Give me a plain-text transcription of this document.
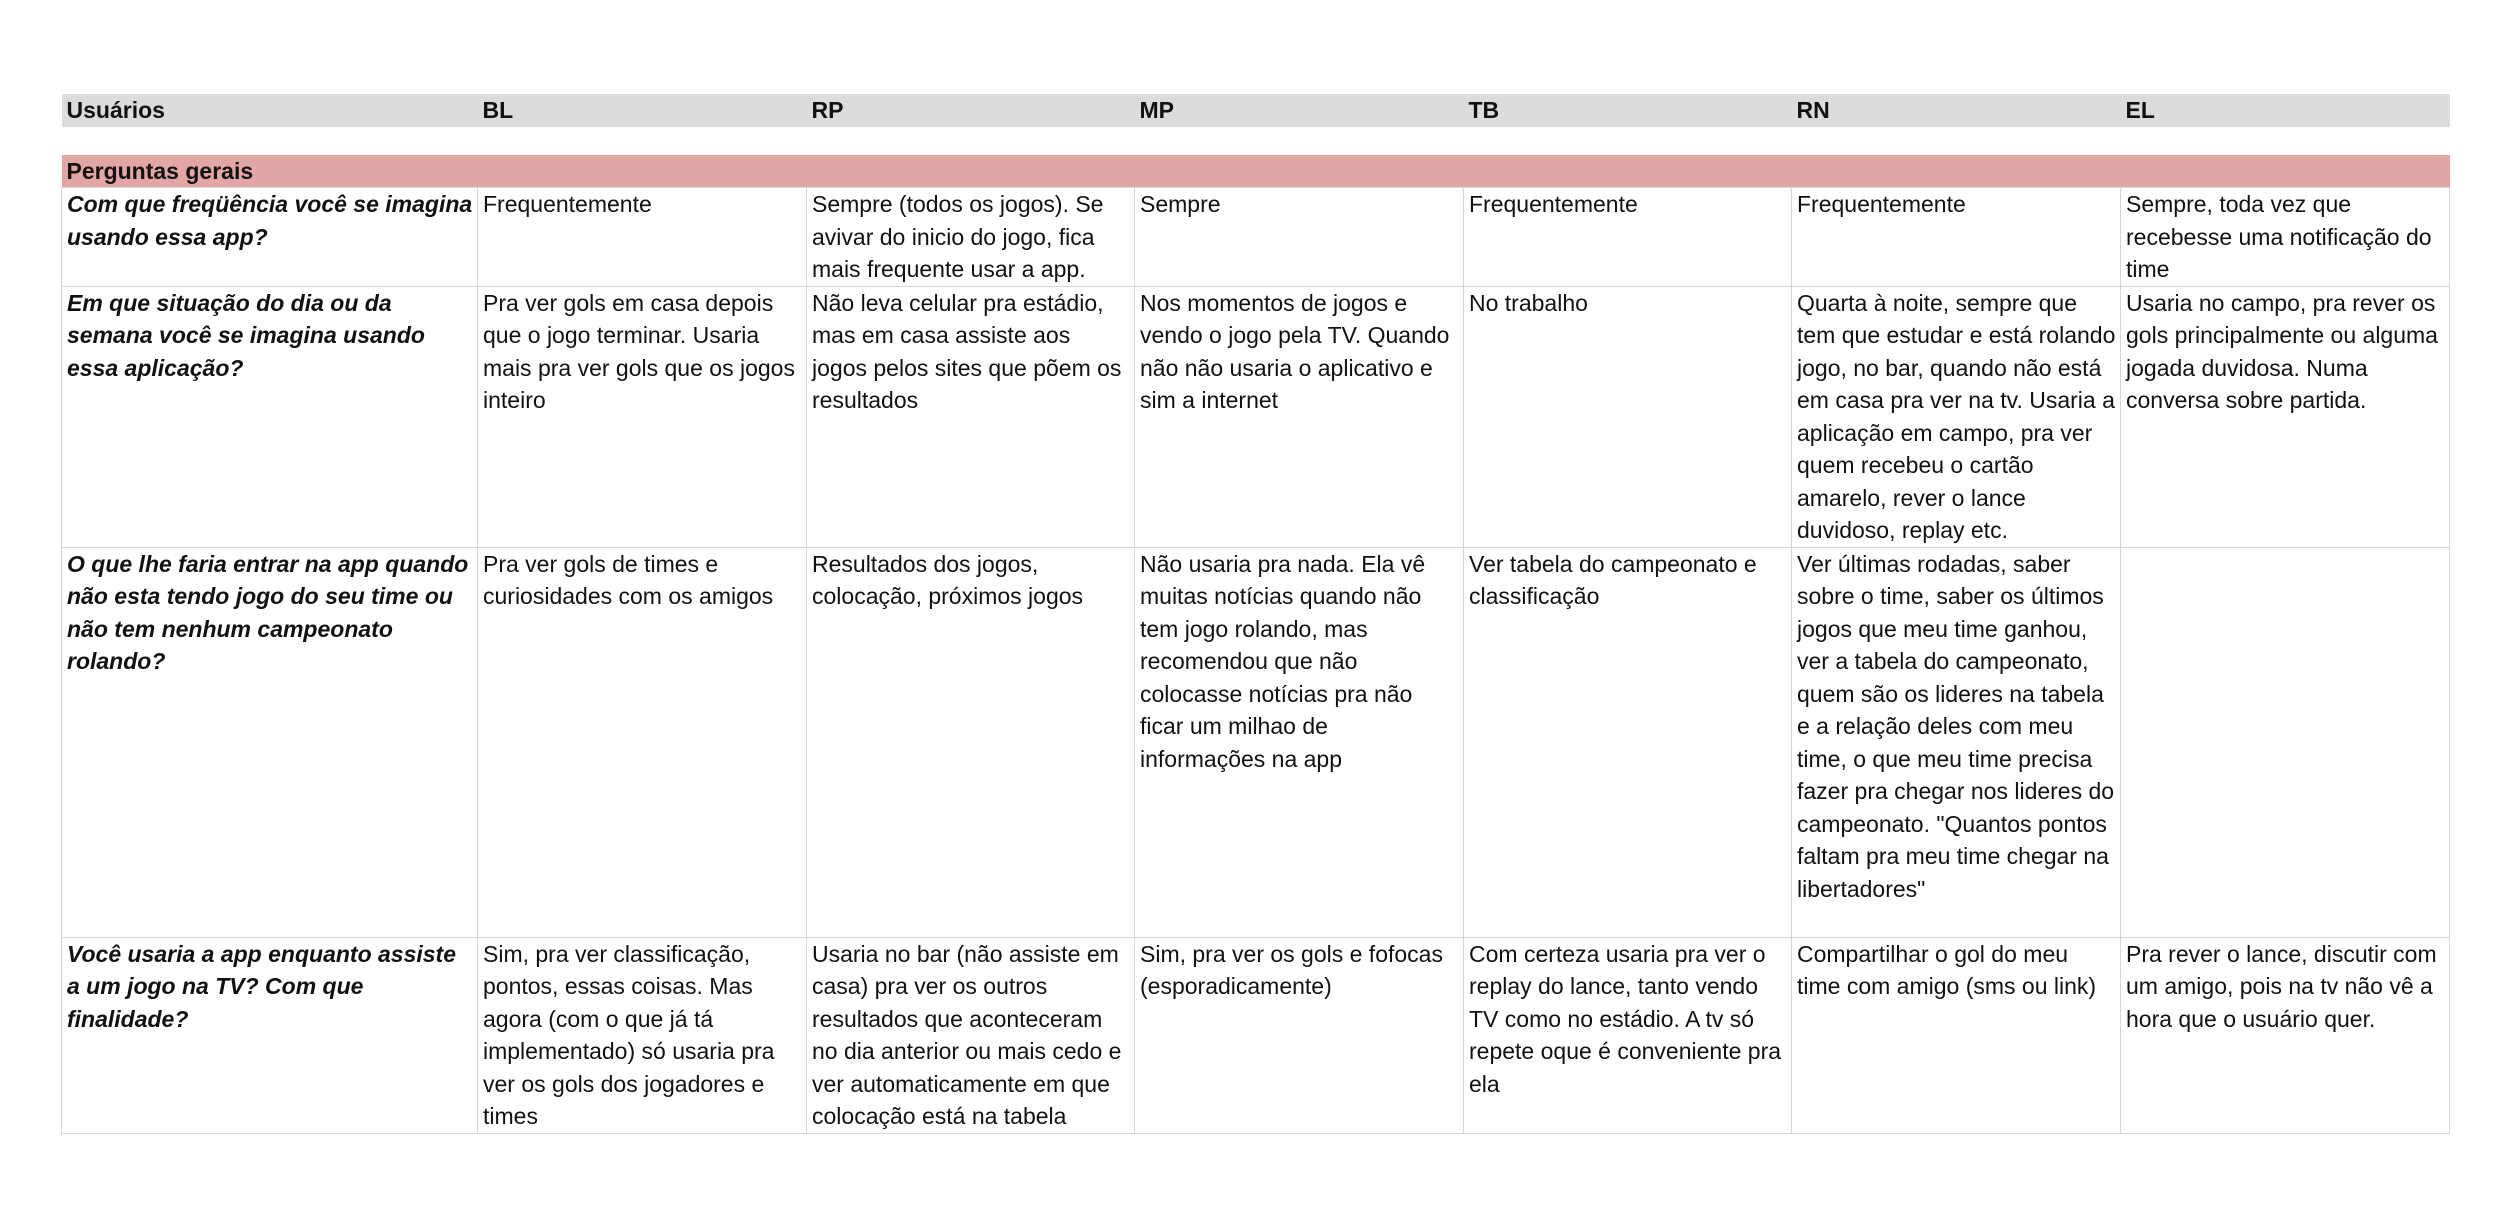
Usuários	BL	RP	MP	TB	RN	EL

Perguntas gerais						
Com que freqüência você se imagina usando essa app?	Frequentemente	Sempre (todos os jogos). Se avivar do inicio do jogo, fica mais frequente usar a app.	Sempre	Frequentemente	Frequentemente	Sempre, toda vez que recebesse uma notificação do time
Em que situação do dia ou da semana você se imagina usando essa aplicação?	Pra ver gols em casa depois que o jogo terminar. Usaria mais pra ver gols que os jogos inteiro	Não leva celular pra estádio, mas em casa assiste aos jogos pelos sites que põem os resultados	Nos momentos de jogos e vendo o jogo pela TV. Quando não não usaria o aplicativo e sim a internet	No trabalho	Quarta à noite, sempre que tem que estudar e está rolando jogo, no bar, quando não está em casa pra ver na tv. Usaria a aplicação em campo, pra ver quem recebeu o cartão amarelo, rever o lance duvidoso, replay etc.	Usaria no campo, pra rever os gols principalmente ou alguma jogada duvidosa. Numa conversa sobre partida.
O que lhe faria entrar na app quando não esta tendo jogo do seu time ou não tem nenhum campeonato rolando?	Pra ver gols de times e curiosidades com os amigos	Resultados dos jogos, colocação, próximos jogos	Não usaria pra nada. Ela vê muitas notícias quando não tem jogo rolando, mas recomendou que não colocasse notícias pra não ficar um milhao de informações na app	Ver tabela do campeonato e classificação	Ver últimas rodadas, saber sobre o time, saber os últimos jogos que meu time ganhou, ver a tabela do campeonato, quem são os lideres na tabela e a relação deles com meu time, o que meu time precisa fazer pra chegar nos lideres do campeonato. "Quantos pontos faltam pra meu time chegar na libertadores"	
Você usaria a app enquanto assiste a um jogo na TV? Com que finalidade?	Sim, pra ver classificação, pontos, essas coisas. Mas agora (com o que já tá implementado) só usaria pra ver os gols dos jogadores e times	Usaria no bar (não assiste em casa) pra ver os outros resultados que aconteceram no dia anterior ou mais cedo e ver automaticamente em que colocação está na tabela	Sim, pra ver os gols e fofocas (esporadicamente)	Com certeza usaria pra ver o replay do lance, tanto vendo TV como no estádio. A tv só repete oque é conveniente pra ela	Compartilhar o gol do meu time com amigo (sms ou link)	Pra rever o lance, discutir com um amigo, pois na tv não vê a hora que o usuário quer.
